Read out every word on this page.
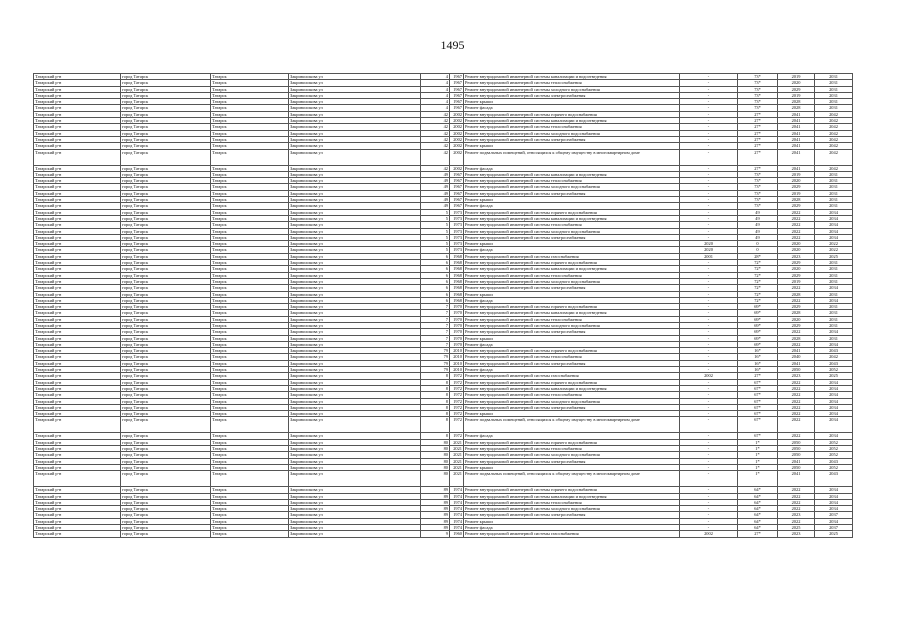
1495
Татарский р-н	город Татарск	Татарск	Закриволокова ул	4	1967	Ремонт внутридомовой инженерной системы канализации и водоотведения	-	73*	2019	2031
Татарский р-н	город Татарск	Татарск	Закриволокова ул	4	1967	Ремонт внутридомовой инженерной системы теплоснабжения	-	73*	2020	2031
Татарский р-н	город Татарск	Татарск	Закриволокова ул	4	1967	Ремонт внутридомовой инженерной системы холодного водоснабжения	-	73*	2029	2031
Татарский р-н	город Татарск	Татарск	Закриволокова ул	4	1967	Ремонт внутридомовой инженерной системы электроснабжения	-	73*	2019	2031
Татарский р-н	город Татарск	Татарск	Закриволокова ул	4	1967	Ремонт крыши	-	73*	2028	2031
Татарский р-н	город Татарск	Татарск	Закриволокова ул	4	1967	Ремонт фасада	-	73*	2028	2031
Татарский р-н	город Татарск	Татарск	Закриволокова ул	42	2002	Ремонт внутридомовой инженерной системы горячего водоснабжения	-	27*	2041	2042
Татарский р-н	город Татарск	Татарск	Закриволокова ул	42	2002	Ремонт внутридомовой инженерной системы канализации и водоотведения	-	27*	2041	2042
Татарский р-н	город Татарск	Татарск	Закриволокова ул	42	2002	Ремонт внутридомовой инженерной системы теплоснабжения	-	27*	2041	2042
Татарский р-н	город Татарск	Татарск	Закриволокова ул	42	2002	Ремонт внутридомовой инженерной системы холодного водоснабжения	-	27*	2041	2042
Татарский р-н	город Татарск	Татарск	Закриволокова ул	42	2002	Ремонт внутридомовой инженерной системы электроснабжения	-	27*	2041	2042
Татарский р-н	город Татарск	Татарск	Закриволокова ул	42	2002	Ремонт крыши	-	27*	2041	2042
Татарский р-н	город Татарск	Татарск	Закриволокова ул	42	2002	Ремонт подвальных помещений, относящихся к общему имуществу в многоквартирном доме	-	27*	2041	2042
Татарский р-н	город Татарск	Татарск	Закриволокова ул	42	2002	Ремонт фасада	-	27*	2041	2042
Татарский р-н	город Татарск	Татарск	Закриволокова ул	49	1967	Ремонт внутридомовой инженерной системы канализации и водоотведения	-	73*	2019	2031
Татарский р-н	город Татарск	Татарск	Закриволокова ул	49	1967	Ремонт внутридомовой инженерной системы теплоснабжения	-	73*	2020	2031
Татарский р-н	город Татарск	Татарск	Закриволокова ул	49	1967	Ремонт внутридомовой инженерной системы холодного водоснабжения	-	73*	2029	2031
Татарский р-н	город Татарск	Татарск	Закриволокова ул	49	1967	Ремонт внутридомовой инженерной системы электроснабжения	-	73*	2019	2031
Татарский р-н	город Татарск	Татарск	Закриволокова ул	49	1967	Ремонт крыши	-	73*	2028	2031
Татарский р-н	город Татарск	Татарск	Закриволокова ул	49	1967	Ремонт фасада	-	73*	2029	2031
Татарский р-н	город Татарск	Татарск	Закриволокова ул	5	1973	Ремонт внутридомовой инженерной системы горячего водоснабжения	-	49	2022	2034
Татарский р-н	город Татарск	Татарск	Закриволокова ул	5	1973	Ремонт внутридомовой инженерной системы канализации и водоотведения	-	49	2022	2034
Татарский р-н	город Татарск	Татарск	Закриволокова ул	5	1973	Ремонт внутридомовой инженерной системы теплоснабжения	-	49	2022	2034
Татарский р-н	город Татарск	Татарск	Закриволокова ул	5	1973	Ремонт внутридомовой инженерной системы холодного водоснабжения	-	49	2022	2034
Татарский р-н	город Татарск	Татарск	Закриволокова ул	5	1973	Ремонт внутридомовой инженерной системы электроснабжения	-	49	2022	2034
Татарский р-н	город Татарск	Татарск	Закриволокова ул	5	1973	Ремонт крыши	2020	0	2020	2022
Татарский р-н	город Татарск	Татарск	Закриволокова ул	5	1973	Ремонт фасада	2020	0	2020	2022
Татарский р-н	город Татарск	Татарск	Закриволокова ул	6	1968	Ремонт внутридомовой инженерной системы газоснабжения	2001	28*	2023	2025
Татарский р-н	город Татарск	Татарск	Закриволокова ул	6	1968	Ремонт внутридомовой инженерной системы горячего водоснабжения	-	72*	2029	2031
Татарский р-н	город Татарск	Татарск	Закриволокова ул	6	1968	Ремонт внутридомовой инженерной системы канализации и водоотведения	-	72*	2020	2031
Татарский р-н	город Татарск	Татарск	Закриволокова ул	6	1968	Ремонт внутридомовой инженерной системы теплоснабжения	-	72*	2029	2031
Татарский р-н	город Татарск	Татарск	Закриволокова ул	6	1968	Ремонт внутридомовой инженерной системы холодного водоснабжения	-	72*	2019	2031
Татарский р-н	город Татарск	Татарск	Закриволокова ул	6	1968	Ремонт внутридомовой инженерной системы электроснабжения	-	72*	2022	2034
Татарский р-н	город Татарск	Татарск	Закриволокова ул	6	1968	Ремонт крыши	-	72*	2028	2031
Татарский р-н	город Татарск	Татарск	Закриволокова ул	6	1968	Ремонт фасада	-	72*	2022	2034
Татарский р-н	город Татарск	Татарск	Закриволокова ул	7	1970	Ремонт внутридомовой инженерной системы горячего водоснабжения	-	69*	2029	2031
Татарский р-н	город Татарск	Татарск	Закриволокова ул	7	1970	Ремонт внутридомовой инженерной системы канализации и водоотведения	-	69*	2028	2031
Татарский р-н	город Татарск	Татарск	Закриволокова ул	7	1970	Ремонт внутридомовой инженерной системы теплоснабжения	-	69*	2020	2031
Татарский р-н	город Татарск	Татарск	Закриволокова ул	7	1970	Ремонт внутридомовой инженерной системы холодного водоснабжения	-	69*	2029	2031
Татарский р-н	город Татарск	Татарск	Закриволокова ул	7	1970	Ремонт внутридомовой инженерной системы электроснабжения	-	69*	2022	2034
Татарский р-н	город Татарск	Татарск	Закриволокова ул	7	1970	Ремонт крыши	-	69*	2028	2031
Татарский р-н	город Татарск	Татарск	Закриволокова ул	7	1970	Ремонт фасада	-	69*	2022	2034
Татарский р-н	город Татарск	Татарск	Закриволокова ул	79	2010	Ремонт внутридомовой инженерной системы горячего водоснабжения	-	16*	2041	2043
Татарский р-н	город Татарск	Татарск	Закриволокова ул	79	2010	Ремонт внутридомовой инженерной системы теплоснабжения	-	16*	2040	2042
Татарский р-н	город Татарск	Татарск	Закриволокова ул	79	2010	Ремонт внутридомовой инженерной системы электроснабжения	-	16*	2041	2043
Татарский р-н	город Татарск	Татарск	Закриволокова ул	79	2010	Ремонт фасада	-	16*	2050	2052
Татарский р-н	город Татарск	Татарск	Закриволокова ул	8	1972	Ремонт внутридомовой инженерной системы газоснабжения	2002	27*	2023	2025
Татарский р-н	город Татарск	Татарск	Закриволокова ул	8	1972	Ремонт внутридомовой инженерной системы горячего водоснабжения	-	67*	2022	2034
Татарский р-н	город Татарск	Татарск	Закриволокова ул	8	1972	Ремонт внутридомовой инженерной системы канализации и водоотведения	-	67*	2022	2034
Татарский р-н	город Татарск	Татарск	Закриволокова ул	8	1972	Ремонт внутридомовой инженерной системы теплоснабжения	-	67*	2022	2034
Татарский р-н	город Татарск	Татарск	Закриволокова ул	8	1972	Ремонт внутридомовой инженерной системы холодного водоснабжения	-	67*	2022	2034
Татарский р-н	город Татарск	Татарск	Закриволокова ул	8	1972	Ремонт внутридомовой инженерной системы электроснабжения	-	67*	2022	2034
Татарский р-н	город Татарск	Татарск	Закриволокова ул	8	1972	Ремонт крыши	-	67*	2022	2034
Татарский р-н	город Татарск	Татарск	Закриволокова ул	8	1972	Ремонт подвальных помещений, относящихся к общему имуществу в многоквартирном доме	-	67*	2022	2034
Татарский р-н	город Татарск	Татарск	Закриволокова ул	8	1972	Ремонт фасада	-	67*	2022	2034
Татарский р-н	город Татарск	Татарск	Закриволокова ул	80	2021	Ремонт внутридомовой инженерной системы горячего водоснабжения	-	1*	2050	2052
Татарский р-н	город Татарск	Татарск	Закриволокова ул	80	2021	Ремонт внутридомовой инженерной системы теплоснабжения	-	1*	2050	2052
Татарский р-н	город Татарск	Татарск	Закриволокова ул	80	2021	Ремонт внутридомовой инженерной системы холодного водоснабжения	-	1*	2050	2052
Татарский р-н	город Татарск	Татарск	Закриволокова ул	80	2021	Ремонт внутридомовой инженерной системы электроснабжения	-	1*	2041	2043
Татарский р-н	город Татарск	Татарск	Закриволокова ул	80	2021	Ремонт крыши	-	1*	2050	2052
Татарский р-н	город Татарск	Татарск	Закриволокова ул	80	2021	Ремонт подвальных помещений, относящихся к общему имуществу в многоквартирном доме	-	1*	2041	2043
Татарский р-н	город Татарск	Татарск	Закриволокова ул	89	1974	Ремонт внутридомовой инженерной системы горячего водоснабжения	-	64*	2022	2034
Татарский р-н	город Татарск	Татарск	Закриволокова ул	89	1974	Ремонт внутридомовой инженерной системы канализации и водоотведения	-	64*	2022	2034
Татарский р-н	город Татарск	Татарск	Закриволокова ул	89	1974	Ремонт внутридомовой инженерной системы теплоснабжения	-	64*	2022	2034
Татарский р-н	город Татарск	Татарск	Закриволокова ул	89	1974	Ремонт внутридомовой инженерной системы холодного водоснабжения	-	64*	2022	2034
Татарский р-н	город Татарск	Татарск	Закриволокова ул	89	1974	Ремонт внутридомовой инженерной системы электроснабжения	-	64*	2023	2037
Татарский р-н	город Татарск	Татарск	Закриволокова ул	89	1974	Ремонт крыши	-	64*	2022	2034
Татарский р-н	город Татарск	Татарск	Закриволокова ул	89	1974	Ремонт фасада	-	64*	2025	2037
Татарский р-н	город Татарск	Татарск	Закриволокова ул	9	1960	Ремонт внутридомовой инженерной системы газоснабжения	2002	27*	2023	2025
